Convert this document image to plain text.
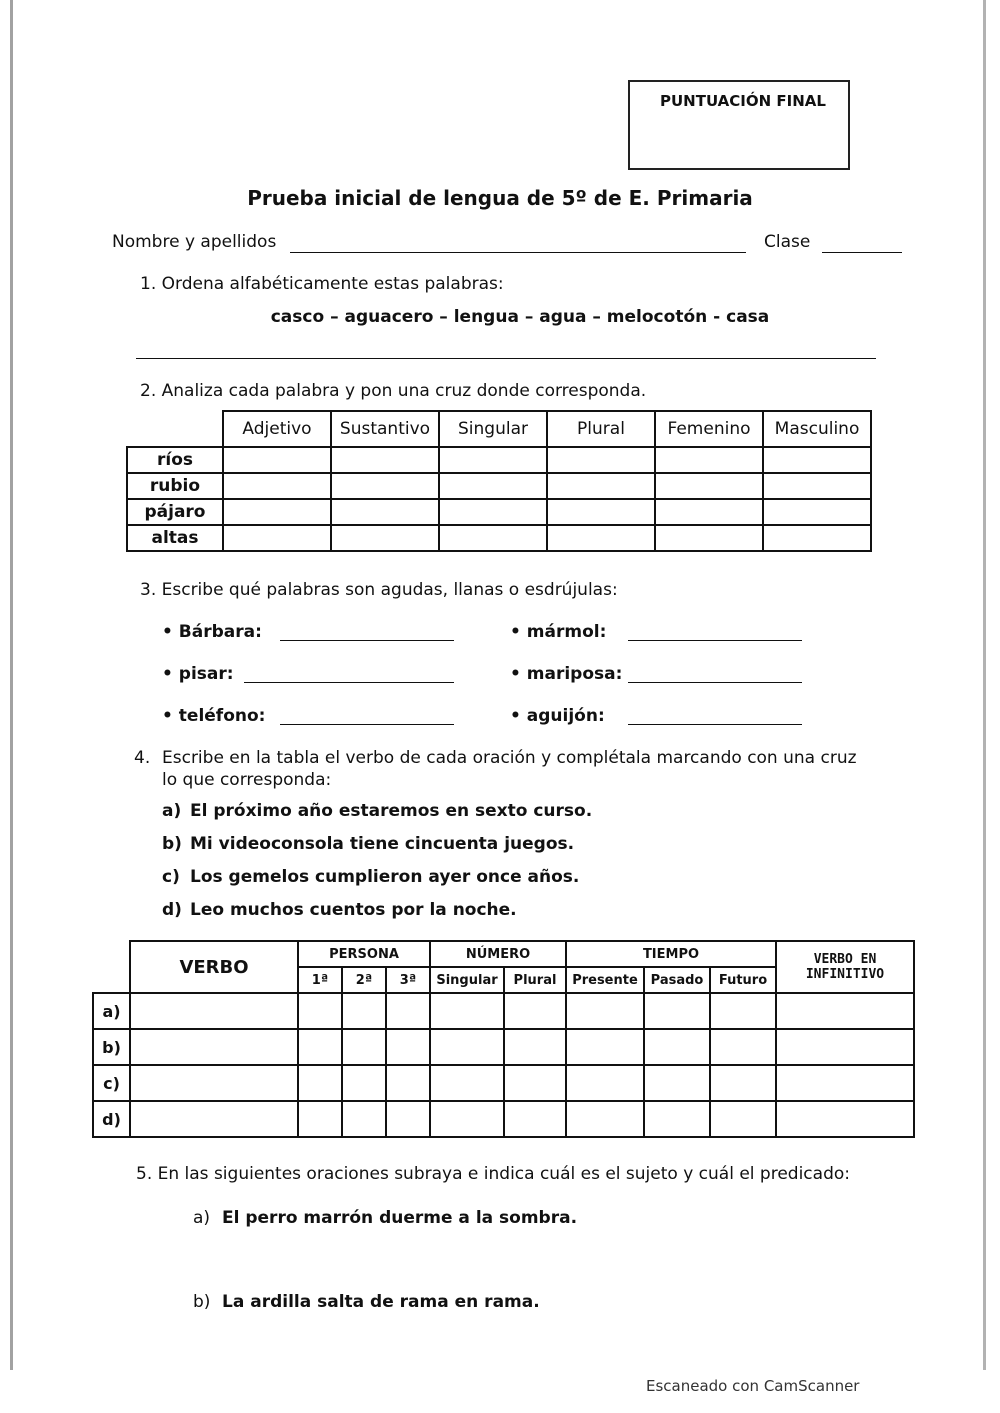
PUNTUACIÓN FINAL
Prueba inicial de lengua de 5º de E. Primaria
Nombre y apellidos	Clase
1. Ordena alfabéticamente estas palabras:
casco – aguacero – lengua – agua – melocotón - casa
2. Analiza cada palabra y pon una cruz donde corresponda.
	Adjetivo	Sustantivo	Singular	Plural	Femenino	Masculino
ríos						
rubio						
pájaro						
altas						
3. Escribe qué palabras son agudas, llanas o esdrújulas:
• Bárbara:	• mármol:
• pisar:	• mariposa:
• teléfono:	• aguijón:
4. Escribe en la tabla el verbo de cada oración y complétala marcando con una cruz
lo que corresponda:
a) El próximo año estaremos en sexto curso.
b) Mi videoconsola tiene cincuenta juegos.
c) Los gemelos cumplieron ayer once años.
d) Leo muchos cuentos por la noche.
	VERBO	PERSONA			NÚMERO		TIEMPO			VERBO EN
INFINITIVO

		1ª	2ª	3ª	Singular	Plural	Presente	Pasado	Futuro	
a)										
b)										
c)										
d)										
5. En las siguientes oraciones subraya e indica cuál es el sujeto y cuál el predicado:
a) El perro marrón duerme a la sombra.
b) La ardilla salta de rama en rama.
Escaneado con CamScanner
